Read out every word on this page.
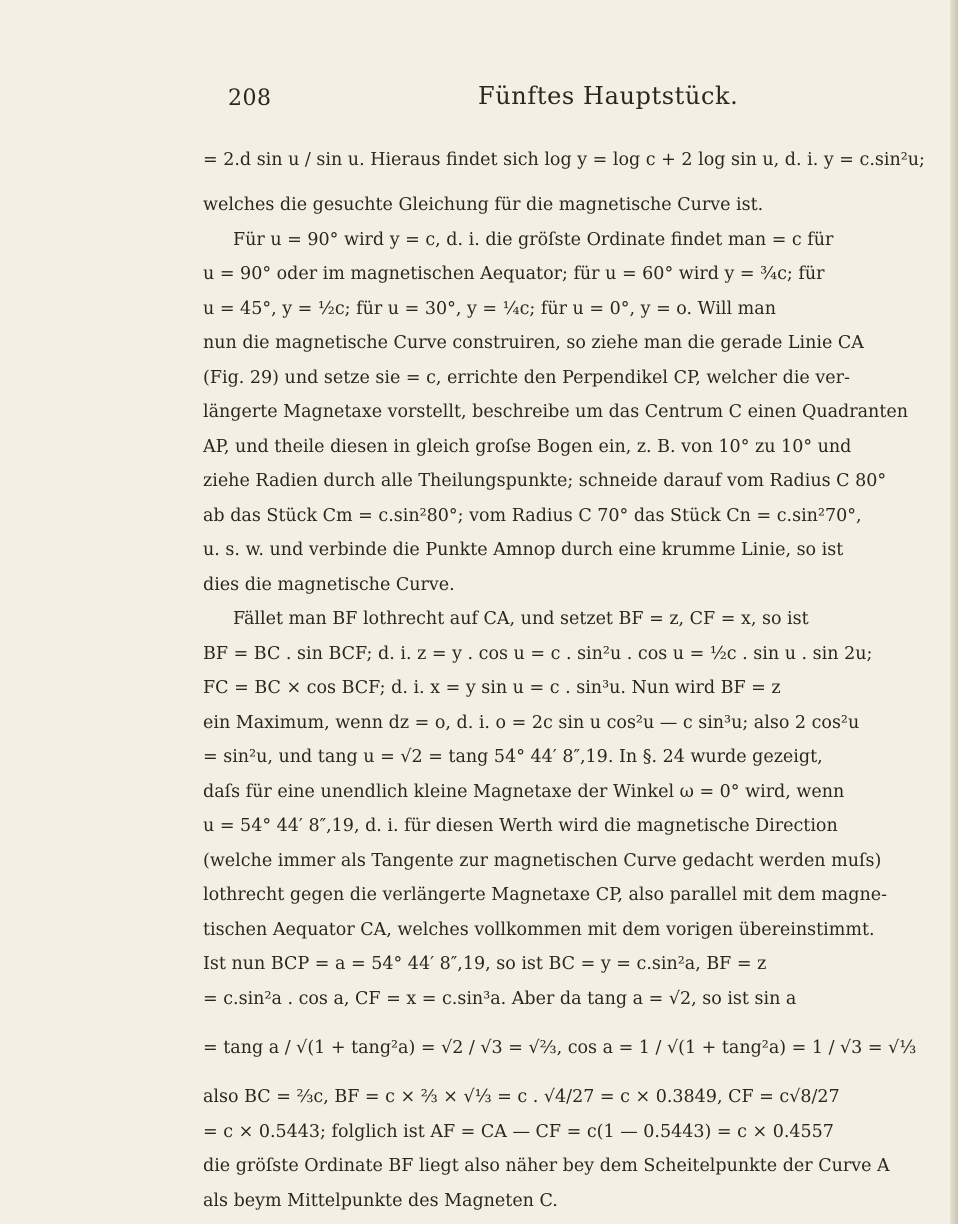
208	Fünftes Hauptstück.
= 2.d sin u / sin u. Hieraus findet sich log y = log c + 2 log sin u, d. i. y = c.sin²u;
welches die gesuchte Gleichung für die magnetische Curve ist.
Für u = 90° wird y = c, d. i. die gröſste Ordinate findet man = c für
u = 90° oder im magnetischen Aequator; für u = 60° wird y = ¾c; für
u = 45°, y = ½c; für u = 30°, y = ¼c; für u = 0°, y = o. Will man
nun die magnetische Curve construiren, so ziehe man die gerade Linie CA
(Fig. 29) und setze sie = c, errichte den Perpendikel CP, welcher die ver-
längerte Magnetaxe vorstellt, beschreibe um das Centrum C einen Quadranten
AP, und theile diesen in gleich groſse Bogen ein, z. B. von 10° zu 10° und
ziehe Radien durch alle Theilungspunkte; schneide darauf vom Radius C 80°
ab das Stück Cm = c.sin²80°; vom Radius C 70° das Stück Cn = c.sin²70°,
u. s. w. und verbinde die Punkte Amnop durch eine krumme Linie, so ist
dies die magnetische Curve.
Fället man BF lothrecht auf CA, und setzet BF = z, CF = x, so ist
BF = BC . sin BCF; d. i. z = y . cos u = c . sin²u . cos u = ½c . sin u . sin 2u;
FC = BC × cos BCF; d. i. x = y sin u = c . sin³u. Nun wird BF = z
ein Maximum, wenn dz = o, d. i. o = 2c sin u cos²u — c sin³u; also 2 cos²u
= sin²u, und tang u = √2 = tang 54° 44′ 8″,19. In §. 24 wurde gezeigt,
daſs für eine unendlich kleine Magnetaxe der Winkel ω = 0° wird, wenn
u = 54° 44′ 8″,19, d. i. für diesen Werth wird die magnetische Direction
(welche immer als Tangente zur magnetischen Curve gedacht werden muſs)
lothrecht gegen die verlängerte Magnetaxe CP, also parallel mit dem magne-
tischen Aequator CA, welches vollkommen mit dem vorigen übereinstimmt.
Ist nun BCP = a = 54° 44′ 8″,19, so ist BC = y = c.sin²a, BF = z
= c.sin²a . cos a, CF = x = c.sin³a. Aber da tang a = √2, so ist sin a
= tang a / √(1 + tang²a) = √2 / √3 = √⅔, cos a = 1 / √(1 + tang²a) = 1 / √3 = √⅓
also BC = ⅔c, BF = c × ⅔ × √⅓ = c . √4/27 = c × 0.3849, CF = c√8/27
= c × 0.5443; folglich ist AF = CA — CF = c(1 — 0.5443) = c × 0.4557
die gröſste Ordinate BF liegt also näher bey dem Scheitelpunkte der Curve A
als beym Mittelpunkte des Magneten C.
